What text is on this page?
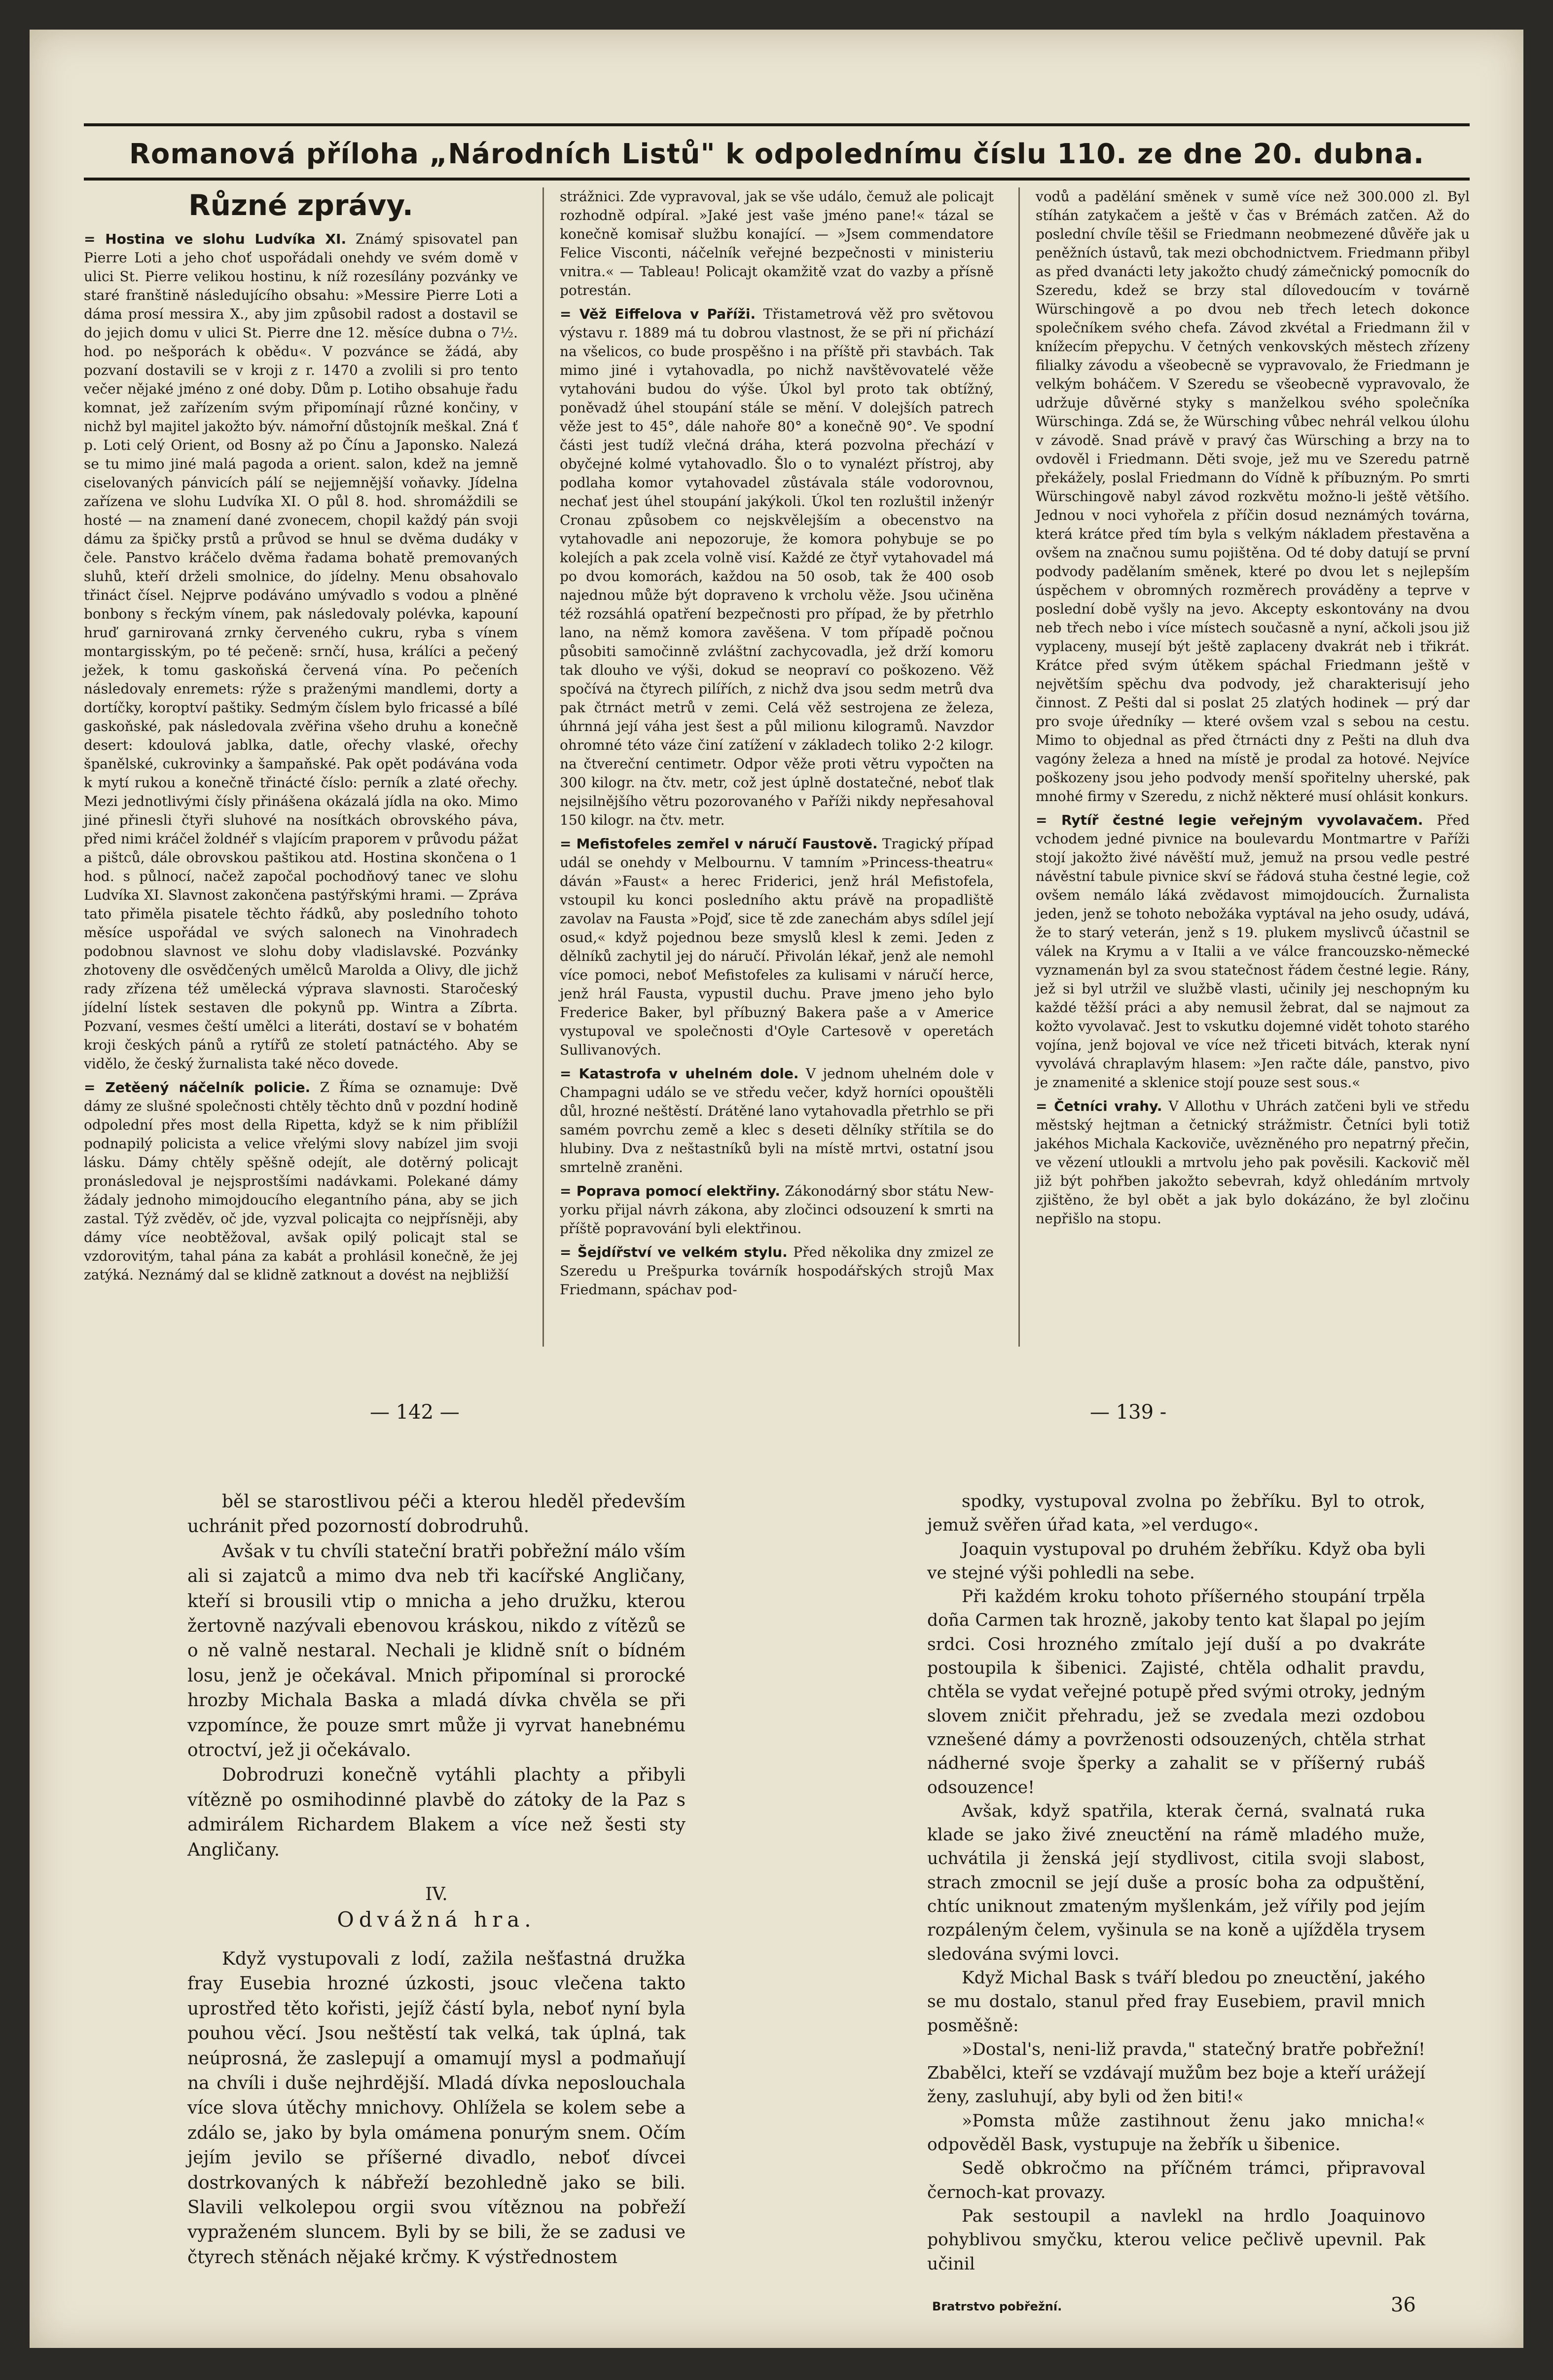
Romanová příloha „Národních Listů" k odpolednímu číslu 110. ze dne 20. dubna.
Různé zprávy.

= Hostina ve slohu Ludvíka XI. Známý spisovatel pan Pierre Loti a jeho choť uspořádali onehdy ve svém domě v ulici St. Pierre velikou hostinu, k níž rozesílány pozvánky ve staré franštině následujícího obsahu: »Messire Pierre Loti a dáma prosí messira X., aby jim způsobil radost a dostavil se do jejich domu v ulici St. Pierre dne 12. měsíce dubna o 7½. hod. po nešporách k obědu«. V pozvánce se žádá, aby pozvaní dostavili se v kroji z r. 1470 a zvolili si pro tento večer nějaké jméno z oné doby. Dům p. Lotiho obsahuje řadu komnat, jež zařízením svým připomínají různé končiny, v nichž byl majitel jakožto býv. námořní důstojník meškal. Zná ť p. Loti celý Orient, od Bosny až po Čínu a Japonsko. Nalezá se tu mimo jiné malá pagoda a orient. salon, kdež na jemně ciselovaných pánvicích pálí se nejjemnější voňavky. Jídelna zařízena ve slohu Ludvíka XI. O půl 8. hod. shromáždili se hosté — na znamení dané zvonecem, chopil každý pán svoji dámu za špičky prstů a průvod se hnul se dvěma dudáky v čele. Panstvo kráčelo dvěma řadama bohatě premovaných sluhů, kteří drželi smolnice, do jídelny. Menu obsahovalo třináct čísel. Nejprve podáváno umývadlo s vodou a plněné bonbony s řeckým vínem, pak následovaly polévka, kapouní hruď garnirovaná zrnky červeného cukru, ryba s vínem montargisským, po té pečeně: srnčí, husa, králíci a pečený ježek, k tomu gaskoňská červená vína. Po pečeních následovaly enremets: rýže s praženými mandlemi, dorty a dortíčky, koroptví paštiky. Sedmým číslem bylo fricassé a bílé gaskoňské, pak následovala zvěřina všeho druhu a konečně desert: kdoulová jablka, datle, ořechy vlaské, ořechy španělské, cukrovinky a šampaňské. Pak opět podávána voda k mytí rukou a konečně třinácté číslo: perník a zlaté ořechy. Mezi jednotlivými čísly přinášena okázalá jídla na oko. Mimo jiné přinesli čtyři sluhové na nosítkách obrovského páva, před nimi kráčel žoldnéř s vlajícím praporem v průvodu pážat a pištců, dále obrovskou paštikou atd. Hostina skončena o 1 hod. s půlnocí, načež započal pochodňový tanec ve slohu Ludvíka XI. Slavnost zakončena pastýřskými hrami. — Zpráva tato přiměla pisatele těchto řádků, aby posledního tohoto měsíce uspořádal ve svých salonech na Vinohradech podobnou slavnost ve slohu doby vladislavské. Pozvánky zhotoveny dle osvědčených umělců Marolda a Olivy, dle jichž rady zřízena též umělecká výprava slavnosti. Staročeský jídelní lístek sestaven dle pokynů pp. Wintra a Zíbrta. Pozvaní, vesmes čeští umělci a literáti, dostaví se v bohatém kroji českých pánů a rytířů ze století patnáctého. Aby se vidělo, že český žurnalista také něco dovede.

= Zetěený náčelník policie. Z Říma se oznamuje: Dvě dámy ze slušné společnosti chtěly těchto dnů v pozdní hodině odpolední přes most della Ripetta, když se k nim přiblížil podnapilý policista a velice vřelými slovy nabízel jim svoji lásku. Dámy chtěly spěšně odejít, ale dotěrný policajt pronásledoval je nejsprostšími nadávkami. Polekané dámy žádaly jednoho mimojdoucího elegantního pána, aby se jich zastal. Týž zvěděv, oč jde, vyzval policajta co nejpřísněji, aby dámy více neobtěžoval, avšak opilý policajt stal se vzdorovitým, tahal pána za kabát a prohlásil konečně, že jej zatýká. Neznámý dal se klidně zatknout a dovést na nejbližší

strážnici. Zde vypravoval, jak se vše událo, čemuž ale policajt rozhodně odpíral. »Jaké jest vaše jméno pane!« tázal se konečně komisař službu konající. — »Jsem commendatore Felice Visconti, náčelník veřejné bezpečnosti v ministeriu vnitra.« — Tableau! Policajt okamžitě vzat do vazby a přísně potrestán.

= Věž Eiffelova v Paříži. Třistametrová věž pro světovou výstavu r. 1889 má tu dobrou vlastnost, že se při ní přichází na všelicos, co bude prospěšno i na příště při stavbách. Tak mimo jiné i vytahovadla, po nichž navštěvovatelé věže vytahováni budou do výše. Úkol byl proto tak obtížný, poněvadž úhel stoupání stále se mění. V dolejších patrech věže jest to 45°, dále nahoře 80° a konečně 90°. Ve spodní části jest tudíž vlečná dráha, která pozvolna přechází v obyčejné kolmé vytahovadlo. Šlo o to vynalézt přístroj, aby podlaha komor vytahovadel zůstávala stále vodorovnou, nechať jest úhel stoupání jakýkoli. Úkol ten rozluštil inženýr Cronau způsobem co nejskvělejším a obecenstvo na vytahovadle ani nepozoruje, že komora pohybuje se po kolejích a pak zcela volně visí. Každé ze čtyř vytahovadel má po dvou komorách, každou na 50 osob, tak že 400 osob najednou může být dopraveno k vrcholu věže. Jsou učiněna též rozsáhlá opatření bezpečnosti pro případ, že by přetrhlo lano, na němž komora zavěšena. V tom případě počnou působiti samočinně zvláštní zachycovadla, jež drží komoru tak dlouho ve výši, dokud se neopraví co poškozeno. Věž spočívá na čtyrech pilířích, z nichž dva jsou sedm metrů dva pak čtrnáct metrů v zemi. Celá věž sestrojena ze železa, úhrnná její váha jest šest a půl milionu kilogramů. Navzdor ohromné této váze činí zatížení v základech toliko 2·2 kilogr. na čtvereční centimetr. Odpor věže proti větru vypočten na 300 kilogr. na čtv. metr, což jest úplně dostatečné, neboť tlak nejsilnějšího větru pozorovaného v Paříži nikdy nepřesahoval 150 kilogr. na čtv. metr.

= Mefistofeles zemřel v náručí Faustově. Tragický případ udál se onehdy v Melbournu. V tamním »Princess-theatru« dáván »Faust« a herec Friderici, jenž hrál Mefistofela, vstoupil ku konci posledního aktu právě na propadliště zavolav na Fausta »Pojď, sice tě zde zanechám abys sdílel její osud,« když pojednou beze smyslů klesl k zemi. Jeden z dělníků zachytil jej do náručí. Přivolán lékař, jenž ale nemohl více pomoci, neboť Mefistofeles za kulisami v náručí herce, jenž hrál Fausta, vypustil duchu. Prave jmeno jeho bylo Frederice Baker, byl příbuzný Bakera paše a v Americe vystupoval ve společnosti d'Oyle Cartesově v operetách Sullivanových.

= Katastrofa v uhelném dole. V jednom uhelném dole v Champagni událo se ve středu večer, když horníci opouštěli důl, hrozné neštěstí. Drátěné lano vytahovadla přetrhlo se při samém povrchu země a klec s deseti dělníky střítila se do hlubiny. Dva z neštastníků byli na místě mrtvi, ostatní jsou smrtelně zraněni.

= Poprava pomocí elektřiny. Zákonodárný sbor státu New-yorku přijal návrh zákona, aby zločinci odsouzení k smrti na příště popravování byli elektřinou.

= Šejdířství ve velkém stylu. Před několika dny zmizel ze Szeredu u Prešpurka továrník hospodářských strojů Max Friedmann, spáchav pod-

vodů a padělání směnek v sumě více než 300.000 zl. Byl stíhán zatykačem a ještě v čas v Brémách zatčen. Až do poslední chvíle těšil se Friedmann neobmezené důvěře jak u peněžních ústavů, tak mezi obchodnictvem. Friedmann přibyl as před dvanácti lety jakožto chudý zámečnický pomocník do Szeredu, kdež se brzy stal dílovedoucím v továrně Würschingově a po dvou neb třech letech dokonce společníkem svého chefa. Závod zkvétal a Friedmann žil v knížecím přepychu. V četných venkovských městech zřízeny filialky závodu a všeobecně se vypravovalo, že Friedmann je velkým boháčem. V Szeredu se všeobecně vypravovalo, že udržuje důvěrné styky s manželkou svého společníka Würschinga. Zdá se, že Würsching vůbec nehrál velkou úlohu v závodě. Snad právě v pravý čas Würsching a brzy na to ovdověl i Friedmann. Děti svoje, jež mu ve Szeredu patrně překážely, poslal Friedmann do Vídně k příbuzným. Po smrti Würschingově nabyl závod rozkvětu možno-li ještě většího. Jednou v noci vyhořela z příčin dosud neznámých továrna, která krátce před tím byla s velkým nákladem přestavěna a ovšem na značnou sumu pojištěna. Od té doby datují se první podvody padělaním směnek, které po dvou let s nejlepším úspěchem v obromných rozměrech prováděny a teprve v poslední době vyšly na jevo. Akcepty eskontovány na dvou neb třech nebo i více místech současně a nyní, ačkoli jsou již vyplaceny, musejí být ještě zaplaceny dvakrát neb i třikrát. Krátce před svým útěkem spáchal Friedmann ještě v největším spěchu dva podvody, jež charakterisují jeho činnost. Z Pešti dal si poslat 25 zlatých hodinek — prý dar pro svoje úředníky — které ovšem vzal s sebou na cestu. Mimo to objednal as před čtrnácti dny z Pešti na dluh dva vagóny železa a hned na místě je prodal za hotové. Nejvíce poškozeny jsou jeho podvody menší spořitelny uherské, pak mnohé firmy v Szeredu, z nichž některé musí ohlásit konkurs.

= Rytíř čestné legie veřejným vyvolavačem. Před vchodem jedné pivnice na boulevardu Montmartre v Paříži stojí jakožto živé návěští muž, jemuž na prsou vedle pestré návěstní tabule pivnice skví se řádová stuha čestné legie, což ovšem nemálo láká zvědavost mimojdoucích. Žurnalista jeden, jenž se tohoto nebožáka vyptával na jeho osudy, udává, že to starý veterán, jenž s 19. plukem myslivců účastnil se válek na Krymu a v Italii a ve válce francouzsko-německé vyznamenán byl za svou statečnost řádem čestné legie. Rány, jež si byl utržil ve službě vlasti, učinily jej neschopným ku každé těžší práci a aby nemusil žebrat, dal se najmout za kožto vyvolavač. Jest to vskutku dojemné vidět tohoto starého vojína, jenž bojoval ve více než třiceti bitvách, kterak nyní vyvolává chraplavým hlasem: »Jen račte dále, panstvo, pivo je znamenité a sklenice stojí pouze sest sous.«

= Četníci vrahy. V Allothu v Uhrách zatčeni byli ve středu městský hejtman a četnický strážmistr. Četníci byli totiž jakéhos Michala Kackoviče, uvězněného pro nepatrný přečin, ve vězení utloukli a mrtvolu jeho pak pověsili. Kackovič měl již být pohřben jakožto sebevrah, když ohledáním mrtvoly zjištěno, že byl obět a jak bylo dokázáno, že byl zločinu nepřišlo na stopu.

— 142 —	— 139 -

běl se starostlivou péči a kterou hleděl především uchránit před pozorností dobrodruhů.

Avšak v tu chvíli stateční bratři pobřežní málo vším ali si zajatců a mimo dva neb tři kacířské Angličany, kteří si brousili vtip o mnicha a jeho družku, kterou žertovně nazývali ebenovou kráskou, nikdo z vítězů se o ně valně nestaral. Nechali je klidně snít o bídném losu, jenž je očekával. Mnich připomínal si prorocké hrozby Michala Baska a mladá dívka chvěla se při vzpomínce, že pouze smrt může ji vyrvat hanebnému otroctví, jež ji očekávalo.

Dobrodruzi konečně vytáhli plachty a přibyli vítězně po osmihodinné plavbě do zátoky de la Paz s admirálem Richardem Blakem a více než šesti sty Angličany.

IV.

Odvážná hra.

Když vystupovali z lodí, zažila nešťastná družka fray Eusebia hrozné úzkosti, jsouc vlečena takto uprostřed těto kořisti, jejíž částí byla, neboť nyní byla pouhou věcí. Jsou neštěstí tak velká, tak úplná, tak neúprosná, že zaslepují a omamují mysl a podmaňují na chvíli i duše nejhrdější. Mladá dívka neposlouchala více slova útěchy mnichovy. Ohlížela se kolem sebe a zdálo se, jako by byla omámena ponurým snem. Očím jejím jevilo se příšerné divadlo, neboť dívcei dostrkovaných k nábřeží bezohledně jako se bili. Slavili velkolepou orgii svou vítěznou na pobřeží vypraženém sluncem. Byli by se bili, že se zadusi ve čtyrech stěnách nějaké krčmy. K výstřednostem

spodky, vystupoval zvolna po žebříku. Byl to otrok, jemuž svěřen úřad kata, »el verdugo«.

Joaquin vystupoval po druhém žebříku. Když oba byli ve stejné výši pohledli na sebe.

Při každém kroku tohoto příšerného stoupání trpěla doña Carmen tak hrozně, jakoby tento kat šlapal po jejím srdci. Cosi hrozného zmítalo její duší a po dvakráte postoupila k šibenici. Zajisté, chtěla odhalit pravdu, chtěla se vydat veřejné potupě před svými otroky, jedným slovem zničit přehradu, jež se zvedala mezi ozdobou vznešené dámy a povrženosti odsouzených, chtěla strhat nádherné svoje šperky a zahalit se v příšerný rubáš odsouzence!

Avšak, když spatřila, kterak černá, svalnatá ruka klade se jako živé zneuctění na rámě mladého muže, uchvátila ji ženská její stydlivost, citila svoji slabost, strach zmocnil se její duše a prosíc boha za odpuštění, chtíc uniknout zmateným myšlenkám, jež vířily pod jejím rozpáleným čelem, vyšinula se na koně a ujížděla trysem sledována svými lovci.

Když Michal Bask s tváří bledou po zneuctění, jakého se mu dostalo, stanul před fray Eusebiem, pravil mnich posměšně:

»Dostal's, neni-liž pravda," statečný bratře pobřežní! Zbabělci, kteří se vzdávají mužům bez boje a kteří urážejí ženy, zasluhují, aby byli od žen biti!«

»Pomsta může zastihnout ženu jako mnicha!« odpověděl Bask, vystupuje na žebřík u šibenice.

Sedě obkročmo na příčném trámci, připravoval černoch-kat provazy.

Pak sestoupil a navlekl na hrdlo Joaquinovo pohyblivou smyčku, kterou velice pečlivě upevnil. Pak učinil

Bratrstvo pobřežní.	36
